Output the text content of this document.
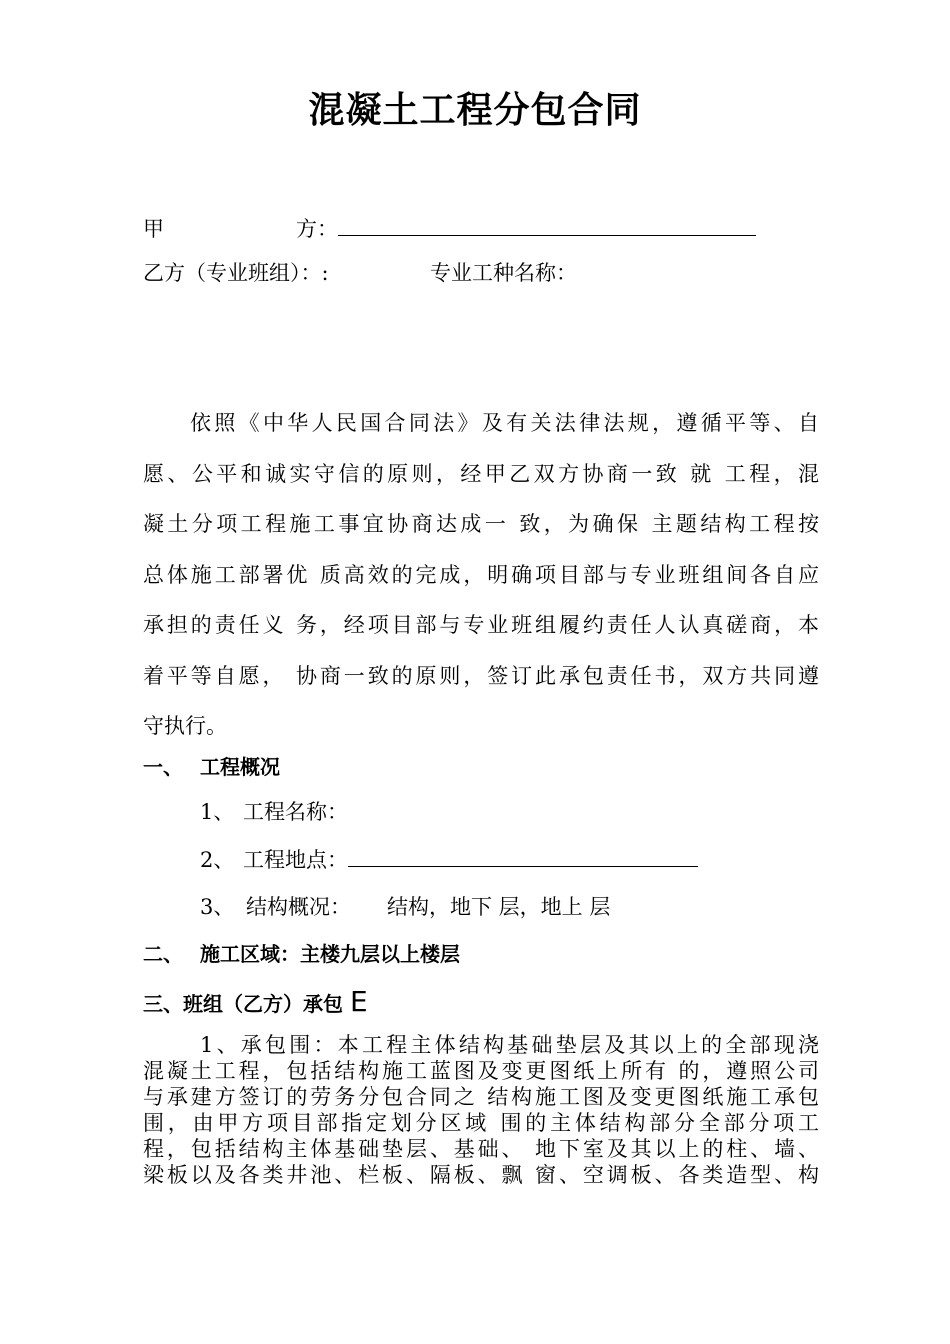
混凝土工程分包合同
甲	方：
乙方（专业班组）：:	专业工种名称：
依照《中华人民国合同法》及有关法律法规，遵循平等、自
愿、公平和诚实守信的原则，经甲乙双方协商一致 就 工程，混
凝土分项工程施工事宜协商达成一 致，为确保 主题结构工程按
总体施工部署优 质高效的完成，明确项目部与专业班组间各自应
承担的责任义 务，经项目部与专业班组履约责任人认真磋商，本
着平等自愿， 协商一致的原则，签订此承包责任书，双方共同遵
守执行。
一、 工程概况
1、 工程名称：
2、 工程地点：
3、 结构概况： 结构，地下 层，地上 层
二、 施工区域：主楼九层以上楼层
三、班组（乙方）承包 E
1、承包围：本工程主体结构基础垫层及其以上的全部现浇
混凝土工程，包括结构施工蓝图及变更图纸上所有 的，遵照公司
与承建方签订的劳务分包合同之 结构施工图及变更图纸施工承包
围，由甲方项目部指定划分区域 围的主体结构部分全部分项工
程，包括结构主体基础垫层、基础、 地下室及其以上的柱、墙、
梁板以及各类井池、栏板、隔板、飘 窗、空调板、各类造型、构
